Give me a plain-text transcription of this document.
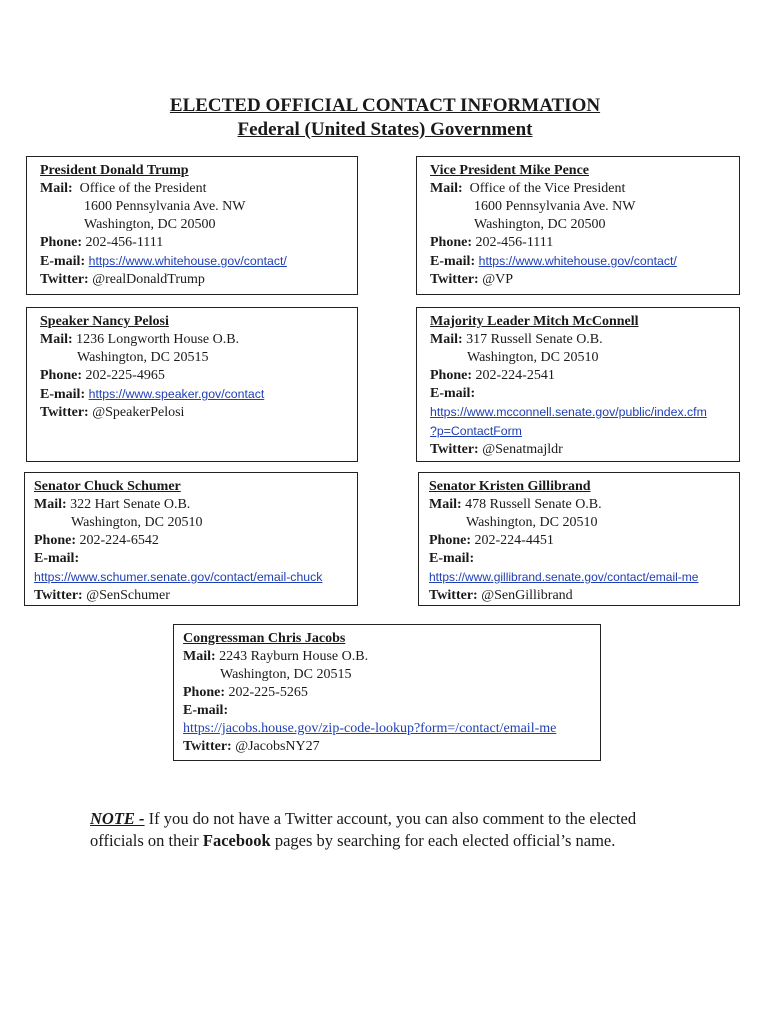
ELECTED OFFICIAL CONTACT INFORMATION
Federal (United States) Government
President Donald Trump
Mail: Office of the President
1600 Pennsylvania Ave. NW
Washington, DC 20500
Phone: 202-456-1111
E-mail: https://www.whitehouse.gov/contact/
Twitter: @realDonaldTrump
Vice President Mike Pence
Mail: Office of the Vice President
1600 Pennsylvania Ave. NW
Washington, DC 20500
Phone: 202-456-1111
E-mail: https://www.whitehouse.gov/contact/
Twitter: @VP
Speaker Nancy Pelosi
Mail: 1236 Longworth House O.B.
Washington, DC 20515
Phone: 202-225-4965
E-mail: https://www.speaker.gov/contact
Twitter: @SpeakerPelosi
Majority Leader Mitch McConnell
Mail: 317 Russell Senate O.B.
Washington, DC 20510
Phone: 202-224-2541
E-mail:
https://www.mcconnell.senate.gov/public/index.cfm
?p=ContactForm
Twitter: @Senatmajldr
Senator Chuck Schumer
Mail: 322 Hart Senate O.B.
Washington, DC 20510
Phone: 202-224-6542
E-mail:
https://www.schumer.senate.gov/contact/email-chuck
Twitter: @SenSchumer
Senator Kristen Gillibrand
Mail: 478 Russell Senate O.B.
Washington, DC 20510
Phone: 202-224-4451
E-mail:
https://www.gillibrand.senate.gov/contact/email-me
Twitter: @SenGillibrand
Congressman Chris Jacobs
Mail: 2243 Rayburn House O.B.
Washington, DC 20515
Phone: 202-225-5265
E-mail:
https://jacobs.house.gov/zip-code-lookup?form=/contact/email-me
Twitter: @JacobsNY27
NOTE - If you do not have a Twitter account, you can also comment to the elected officials on their Facebook pages by searching for each elected official’s name.
